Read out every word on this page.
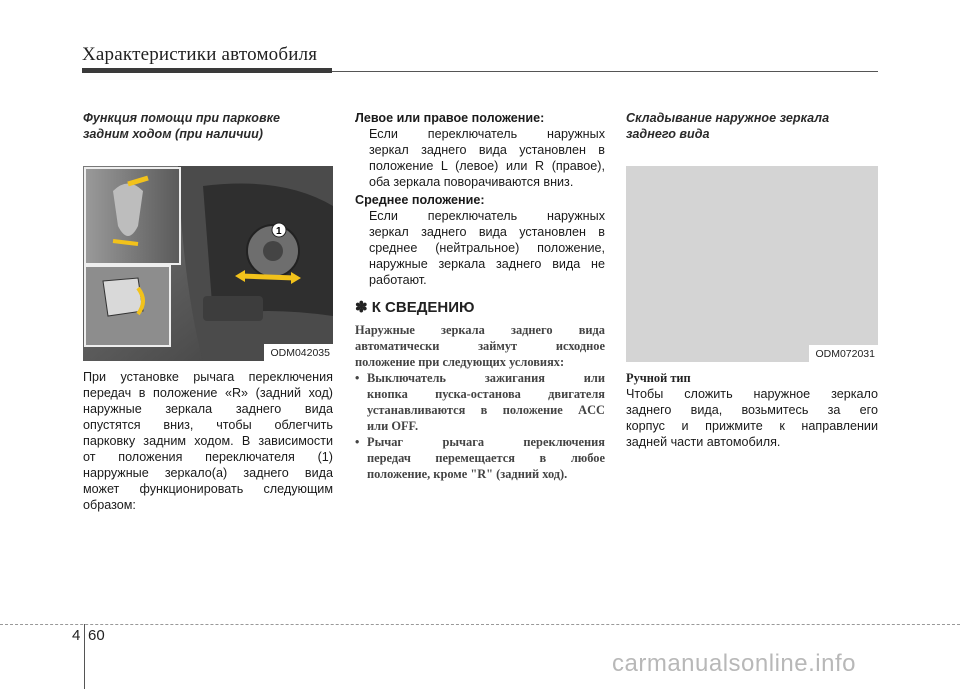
Характеристики автомобиля
Функция помощи при парковке
задним ходом (при наличии)
1
ODM042035

При установке рычага переключения

передач в положение «R» (задний ход)

наружные зеркала заднего вида

опустятся вниз, чтобы облегчить

парковку задним ходом. В зависимости

от положения переключателя (1)

нарружные зеркало(а) заднего вида

может функционировать следующим

образом:

Левое или правое положение:

Если переключатель наружных

зеркал заднего вида установлен в

положение L (левое) или R (правое),

оба зеркала поворачиваются вниз.

Среднее положение:

Если переключатель наружных

зеркал заднего вида установлен в

среднее (нейтральное) положение,

наружные зеркала заднего вида не

работают.

✽ К СВЕДЕНИЮ
Наружные зеркала заднего вида
автоматически займут исходное
положение при следующих условиях:
• Выключатель зажигания или
кнопка пуска-останова двигателя
устанавливаются в положение ACC
или OFF.
• Рычаг рычага переключения
передач перемещается в любое
положение, кроме "R" (задний ход).
Складывание наружное зеркала
заднего вида
ODM072031
Ручной тип

Чтобы сложить наружное зеркало

заднего вида, возьмитесь за его

корпус и прижмите к направлении

задней части автомобиля.

4 60
carmanualsonline.info
